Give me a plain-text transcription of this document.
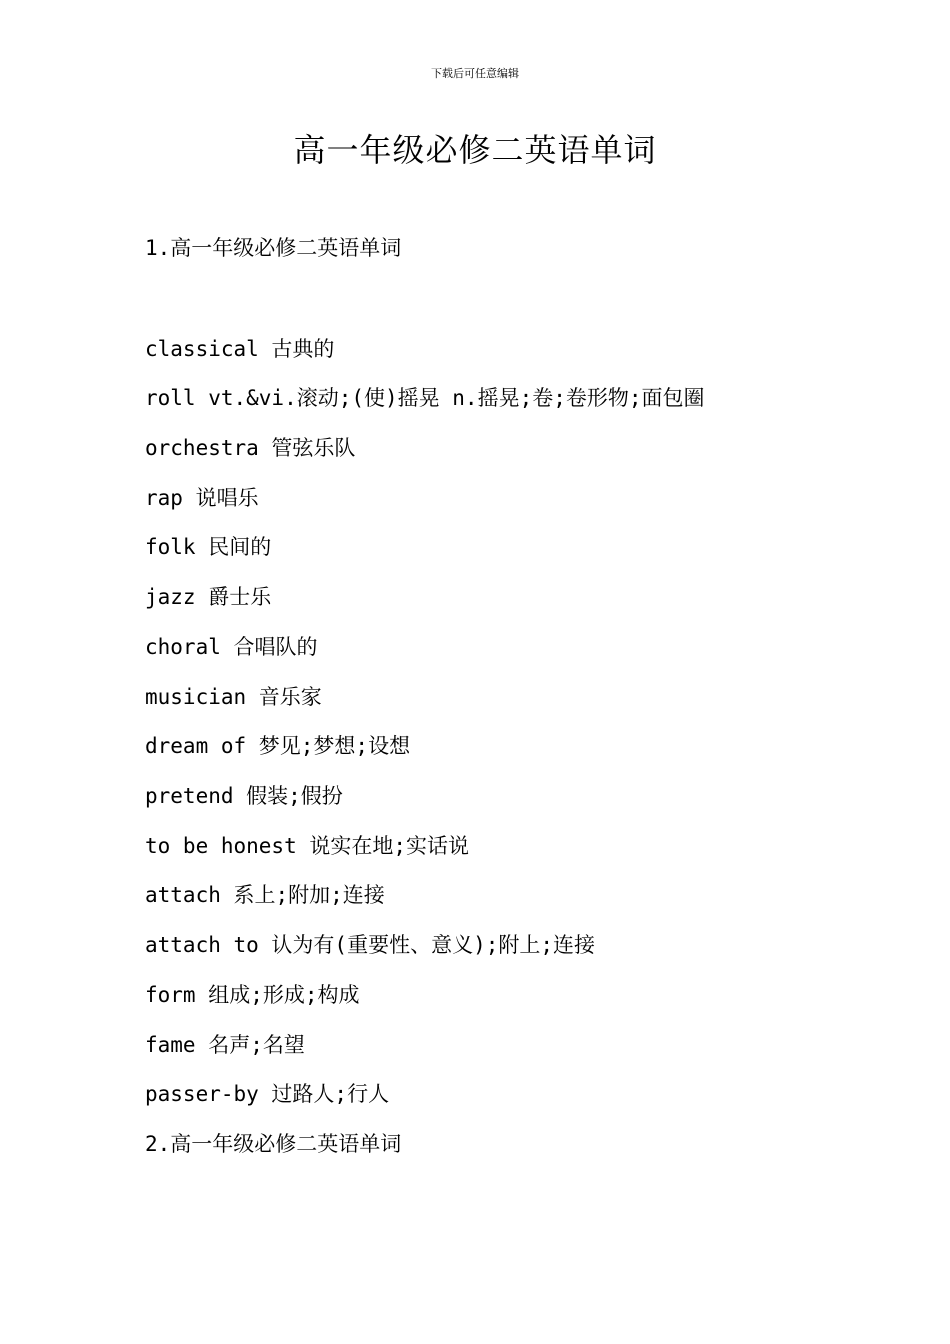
下载后可任意编辑
高一年级必修二英语单词
1.高一年级必修二英语单词
classical 古典的
roll vt.&vi.滚动;(使)摇晃 n.摇晃;卷;卷形物;面包圈
orchestra 管弦乐队
rap 说唱乐
folk 民间的
jazz 爵士乐
choral 合唱队的
musician 音乐家
dream of 梦见;梦想;设想
pretend 假装;假扮
to be honest 说实在地;实话说
attach 系上;附加;连接
attach to 认为有(重要性、意义);附上;连接
form 组成;形成;构成
fame 名声;名望
passer-by 过路人;行人
2.高一年级必修二英语单词
